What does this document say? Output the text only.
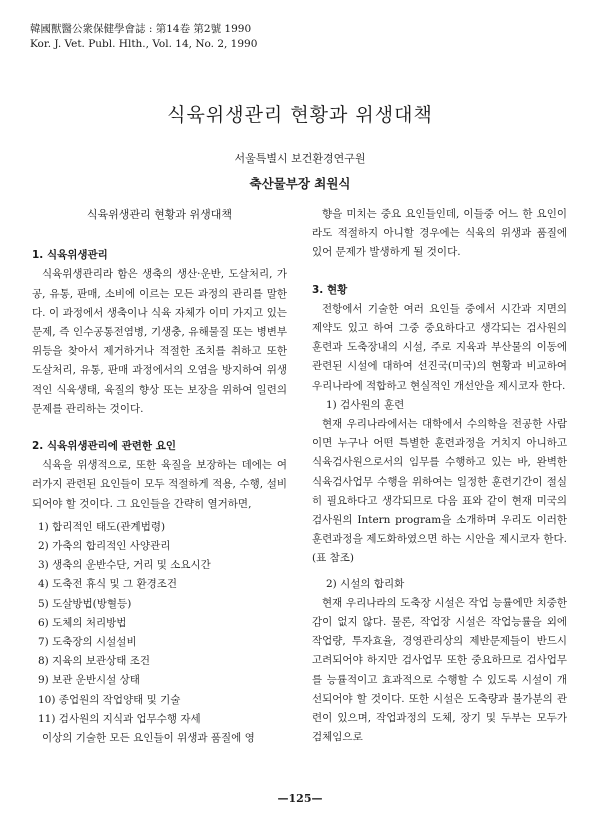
韓國獸醫公衆保健學會誌 : 第14卷 第2號 1990
Kor. J. Vet. Publ. Hlth., Vol. 14, No. 2, 1990
식육위생관리 현황과 위생대책
서울특별시 보건환경연구원
축산물부장 최원식

식육위생관리 현황과 위생대책

1. 식육위생관리

식육위생관리라 함은 생축의 생산·운반, 도살처리, 가공, 유통, 판매, 소비에 이르는 모든 과정의 관리를 말한다. 이 과정에서 생축이나 식육 자체가 이미 가지고 있는 문제, 즉 인수공통전염병, 기생충, 유해물질 또는 병변부위등을 찾아서 제거하거나 적절한 조치를 취하고 또한 도살처리, 유통, 판매 과정에서의 오염을 방지하여 위생적인 식육생태, 육질의 향상 또는 보장을 위하여 일련의 문제를 관리하는 것이다.

2. 식육위생관리에 관련한 요인

식육을 위생적으로, 또한 육질을 보장하는 데에는 여러가지 관련된 요인들이 모두 적절하게 적용, 수행, 설비되어야 할 것이다. 그 요인들을 간략히 열거하면,

1) 합리적인 태도(관계법령)

2) 가축의 합리적인 사양관리

3) 생축의 운반수단, 거리 및 소요시간

4) 도축전 휴식 및 그 환경조건

5) 도살방법(방혈등)

6) 도체의 처리방법

7) 도축장의 시설설비

8) 지육의 보관상태 조건

9) 보관 운반시설 상태

10) 종업원의 작업양태 및 기술

11) 검사원의 지식과 업무수행 자세

이상의 기술한 모든 요인들이 위생과 품질에 영

향을 미치는 중요 요인들인데, 이들중 어느 한 요인이라도 적절하지 아니할 경우에는 식육의 위생과 품질에 있어 문제가 발생하게 될 것이다.

3. 현황

전항에서 기술한 여러 요인들 중에서 시간과 지면의 제약도 있고 하여 그중 중요하다고 생각되는 검사원의 훈련과 도축장내의 시설, 주로 지육과 부산물의 이동에 관련된 시설에 대하여 선진국(미국)의 현황과 비교하여 우리나라에 적합하고 현실적인 개선안을 제시코자 한다.

1) 검사원의 훈련

현재 우리나라에서는 대학에서 수의학을 전공한 사람이면 누구나 어떤 특별한 훈련과정을 거치지 아니하고 식육검사원으로서의 임무를 수행하고 있는 바, 완벽한 식육검사업무 수행을 위하여는 일정한 훈련기간이 절실히 필요하다고 생각되므로 다음 표와 같이 현재 미국의 검사원의 Intern program을 소개하며 우리도 이러한 훈련과정을 제도화하였으면 하는 시안을 제시코자 한다.(표 참조)

2) 시설의 합리화

현재 우리나라의 도축장 시설은 작업 능률에만 치중한 감이 없지 않다. 물론, 작업장 시설은 작업능률을 외에 작업량, 투자효율, 경영관리상의 제반문제들이 반드시 고려되어야 하지만 검사업무 또한 중요하므로 검사업무를 능률적이고 효과적으로 수행할 수 있도록 시설이 개선되어야 할 것이다. 또한 시설은 도축량과 불가분의 관련이 있으며, 작업과정의 도체, 장기 및 두부는 모두가 검체임으로

—125—
